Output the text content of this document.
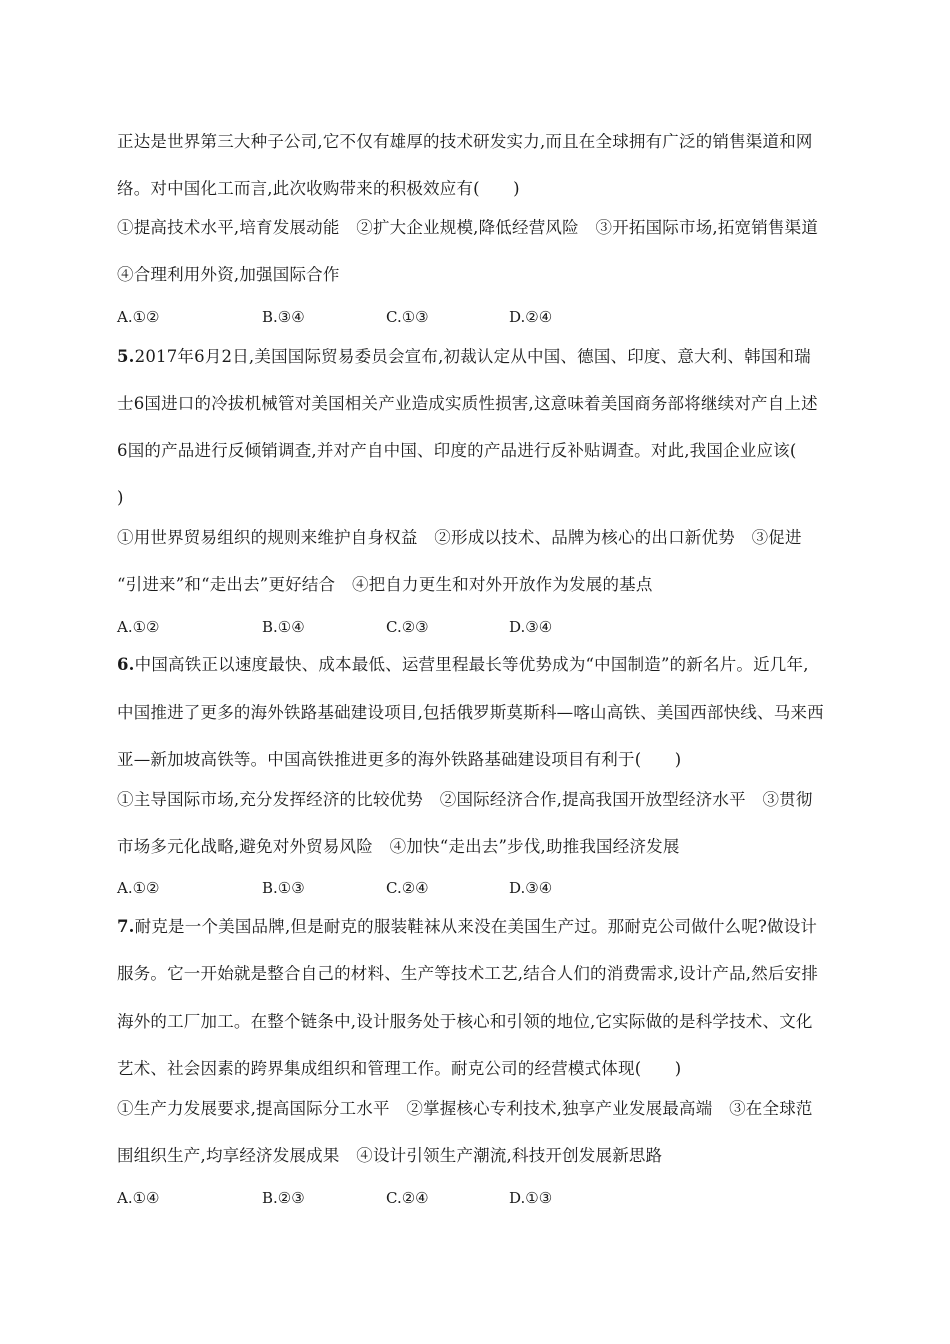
正达是世界第三大种子公司,它不仅有雄厚的技术研发实力,而且在全球拥有广泛的销售渠道和网
络。对中国化工而言,此次收购带来的积极效应有(　　)
①提高技术水平,培育发展动能　②扩大企业规模,降低经营风险　③开拓国际市场,拓宽销售渠道
④合理利用外资,加强国际合作
A.①②	B.③④	C.①③	D.②④
5.2017年6月2日,美国国际贸易委员会宣布,初裁认定从中国、德国、印度、意大利、韩国和瑞
士6国进口的冷拔机械管对美国相关产业造成实质性损害,这意味着美国商务部将继续对产自上述
6国的产品进行反倾销调查,并对产自中国、印度的产品进行反补贴调查。对此,我国企业应该(
)
①用世界贸易组织的规则来维护自身权益　②形成以技术、品牌为核心的出口新优势　③促进
“引进来”和“走出去”更好结合　④把自力更生和对外开放作为发展的基点
A.①②	B.①④	C.②③	D.③④
6.中国高铁正以速度最快、成本最低、运营里程最长等优势成为“中国制造”的新名片。近几年,
中国推进了更多的海外铁路基础建设项目,包括俄罗斯莫斯科—喀山高铁、美国西部快线、马来西
亚—新加坡高铁等。中国高铁推进更多的海外铁路基础建设项目有利于(　　)
①主导国际市场,充分发挥经济的比较优势　②国际经济合作,提高我国开放型经济水平　③贯彻
市场多元化战略,避免对外贸易风险　④加快“走出去”步伐,助推我国经济发展
A.①②	B.①③	C.②④	D.③④
7.耐克是一个美国品牌,但是耐克的服装鞋袜从来没在美国生产过。那耐克公司做什么呢?做设计
服务。它一开始就是整合自己的材料、生产等技术工艺,结合人们的消费需求,设计产品,然后安排
海外的工厂加工。在整个链条中,设计服务处于核心和引领的地位,它实际做的是科学技术、文化
艺术、社会因素的跨界集成组织和管理工作。耐克公司的经营模式体现(　　)
①生产力发展要求,提高国际分工水平　②掌握核心专利技术,独享产业发展最高端　③在全球范
围组织生产,均享经济发展成果　④设计引领生产潮流,科技开创发展新思路
A.①④	B.②③	C.②④	D.①③
